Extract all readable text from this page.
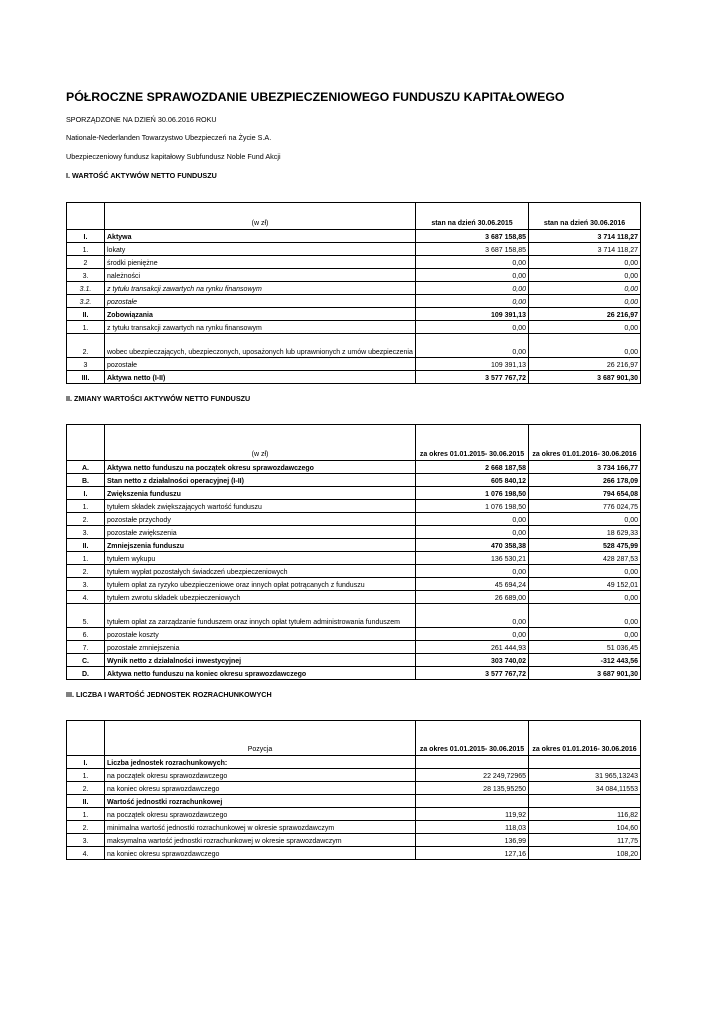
PÓŁROCZNE SPRAWOZDANIE UBEZPIECZENIOWEGO FUNDUSZU KAPITAŁOWEGO
SPORZĄDZONE NA DZIEŃ 30.06.2016 ROKU
Nationale-Nederlanden Towarzystwo Ubezpieczeń na Życie S.A.
Ubezpieczeniowy fundusz kapitałowy Subfundusz Noble Fund Akcji
I. WARTOŚĆ AKTYWÓW NETTO FUNDUSZU
	(w zł)	stan na dzień 30.06.2015	stan na dzień 30.06.2016
I.	Aktywa	3 687 158,85	3 714 118,27
1.	lokaty	3 687 158,85	3 714 118,27
2	środki pieniężne	0,00	0,00
3.	należności	0,00	0,00
3.1.	z tytułu transakcji zawartych na rynku finansowym	0,00	0,00
3.2.	pozostałe	0,00	0,00
II.	Zobowiązania	109 391,13	26 216,97
1.	z tytułu transakcji zawartych na rynku finansowym	0,00	0,00
2.	wobec ubezpieczających, ubezpieczonych, uposażonych lub uprawnionych z umów ubezpieczenia	0,00	0,00
3	pozostałe	109 391,13	26 216,97
III.	Aktywa netto (I-II)	3 577 767,72	3 687 901,30
II. ZMIANY WARTOŚCI AKTYWÓW NETTO FUNDUSZU
	(w zł)	za okres 01.01.2015- 30.06.2015	za okres 01.01.2016- 30.06.2016
A.	Aktywa netto funduszu na początek okresu sprawozdawczego	2 668 187,58	3 734 166,77
B.	Stan netto z działalności operacyjnej (I-II)	605 840,12	266 178,09
I.	Zwiększenia funduszu	1 076 198,50	794 654,08
1.	tytułem składek zwiększających wartość funduszu	1 076 198,50	776 024,75
2.	pozostałe przychody	0,00	0,00
3.	pozostałe zwiększenia	0,00	18 629,33
II.	Zmniejszenia funduszu	470 358,38	528 475,99
1.	tytułem wykupu	136 530,21	428 287,53
2.	tytułem wypłat pozostałych świadczeń ubezpieczeniowych	0,00	0,00
3.	tytułem opłat za ryzyko ubezpieczeniowe oraz innych opłat potrącanych z funduszu	45 694,24	49 152,01
4.	tytułem zwrotu składek ubezpieczeniowych	26 689,00	0,00
5.	tytułem opłat za zarządzanie funduszem oraz innych opłat tytułem administrowania funduszem	0,00	0,00
6.	pozostałe koszty	0,00	0,00
7.	pozostałe zmniejszenia	261 444,93	51 036,45
C.	Wynik netto z działalności inwestycyjnej	303 740,02	-312 443,56
D.	Aktywa netto funduszu na koniec okresu sprawozdawczego	3 577 767,72	3 687 901,30
III. LICZBA I WARTOŚĆ JEDNOSTEK ROZRACHUNKOWYCH
	Pozycja	za okres 01.01.2015- 30.06.2015	za okres 01.01.2016- 30.06.2016
I.	Liczba jednostek rozrachunkowych:		
1.	na początek okresu sprawozdawczego	22 249,72965	31 965,13243
2.	na koniec okresu sprawozdawczego	28 135,95250	34 084,11553
II.	Wartość jednostki rozrachunkowej		
1.	na początek okresu sprawozdawczego	119,92	116,82
2.	minimalna wartość jednostki rozrachunkowej w okresie sprawozdawczym	118,03	104,60
3.	maksymalna wartość jednostki rozrachunkowej w okresie sprawozdawczym	136,99	117,75
4.	na koniec okresu sprawozdawczego	127,16	108,20
